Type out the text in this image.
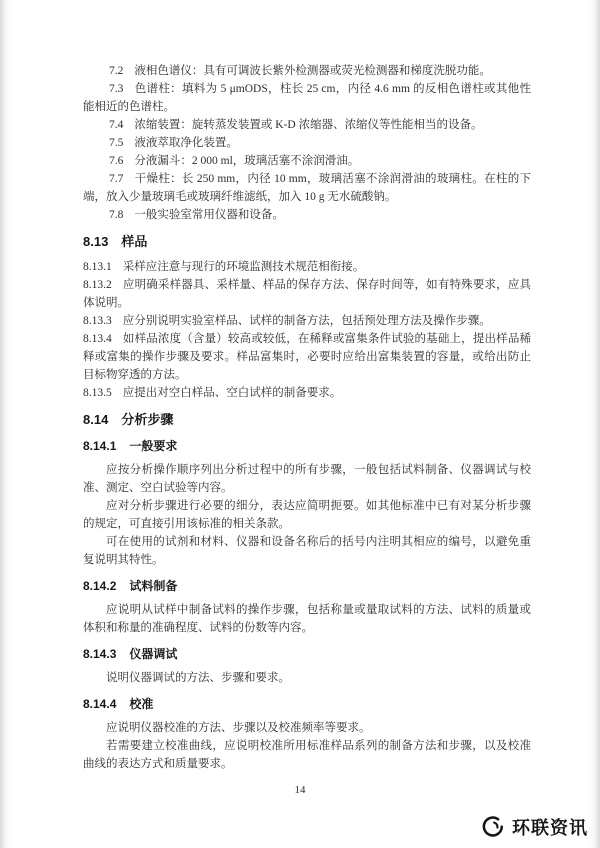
7.2 液相色谱仪：具有可调波长紫外检测器或荧光检测器和梯度洗脱功能。

7.3 色谱柱：填料为 5 μmODS，柱长 25 cm，内径 4.6 mm 的反相色谱柱或其他性能相近的色谱柱。

7.4 浓缩装置：旋转蒸发装置或 K-D 浓缩器、浓缩仪等性能相当的设备。

7.5 液液萃取净化装置。

7.6 分液漏斗：2 000 ml，玻璃活塞不涂润滑油。

7.7 干燥柱：长 250 mm，内径 10 mm，玻璃活塞不涂润滑油的玻璃柱。在柱的下端，放入少量玻璃毛或玻璃纤维滤纸，加入 10 g 无水硫酸钠。

7.8 一般实验室常用仪器和设备。

8.13 样品

8.13.1 采样应注意与现行的环境监测技术规范相衔接。

8.13.2 应明确采样器具、采样量、样品的保存方法、保存时间等，如有特殊要求，应具体说明。

8.13.3 应分别说明实验室样品、试样的制备方法，包括预处理方法及操作步骤。

8.13.4 如样品浓度（含量）较高或较低，在稀释或富集条件试验的基础上，提出样品稀释或富集的操作步骤及要求。样品富集时，必要时应给出富集装置的容量，或给出防止目标物穿透的方法。

8.13.5 应提出对空白样品、空白试样的制备要求。

8.14 分析步骤
8.14.1 一般要求

应按分析操作顺序列出分析过程中的所有步骤，一般包括试料制备、仪器调试与校准、测定、空白试验等内容。

应对分析步骤进行必要的细分，表达应简明扼要。如其他标准中已有对某分析步骤的规定，可直接引用该标准的相关条款。

可在使用的试剂和材料、仪器和设备名称后的括号内注明其相应的编号，以避免重复说明其特性。

8.14.2 试料制备

应说明从试样中制备试料的操作步骤，包括称量或量取试料的方法、试料的质量或体积和称量的准确程度、试料的份数等内容。

8.14.3 仪器调试

说明仪器调试的方法、步骤和要求。

8.14.4 校准

应说明仪器校准的方法、步骤以及校准频率等要求。

若需要建立校准曲线，应说明校准所用标准样品系列的制备方法和步骤，以及校准曲线的表达方式和质量要求。

14
环联资讯
